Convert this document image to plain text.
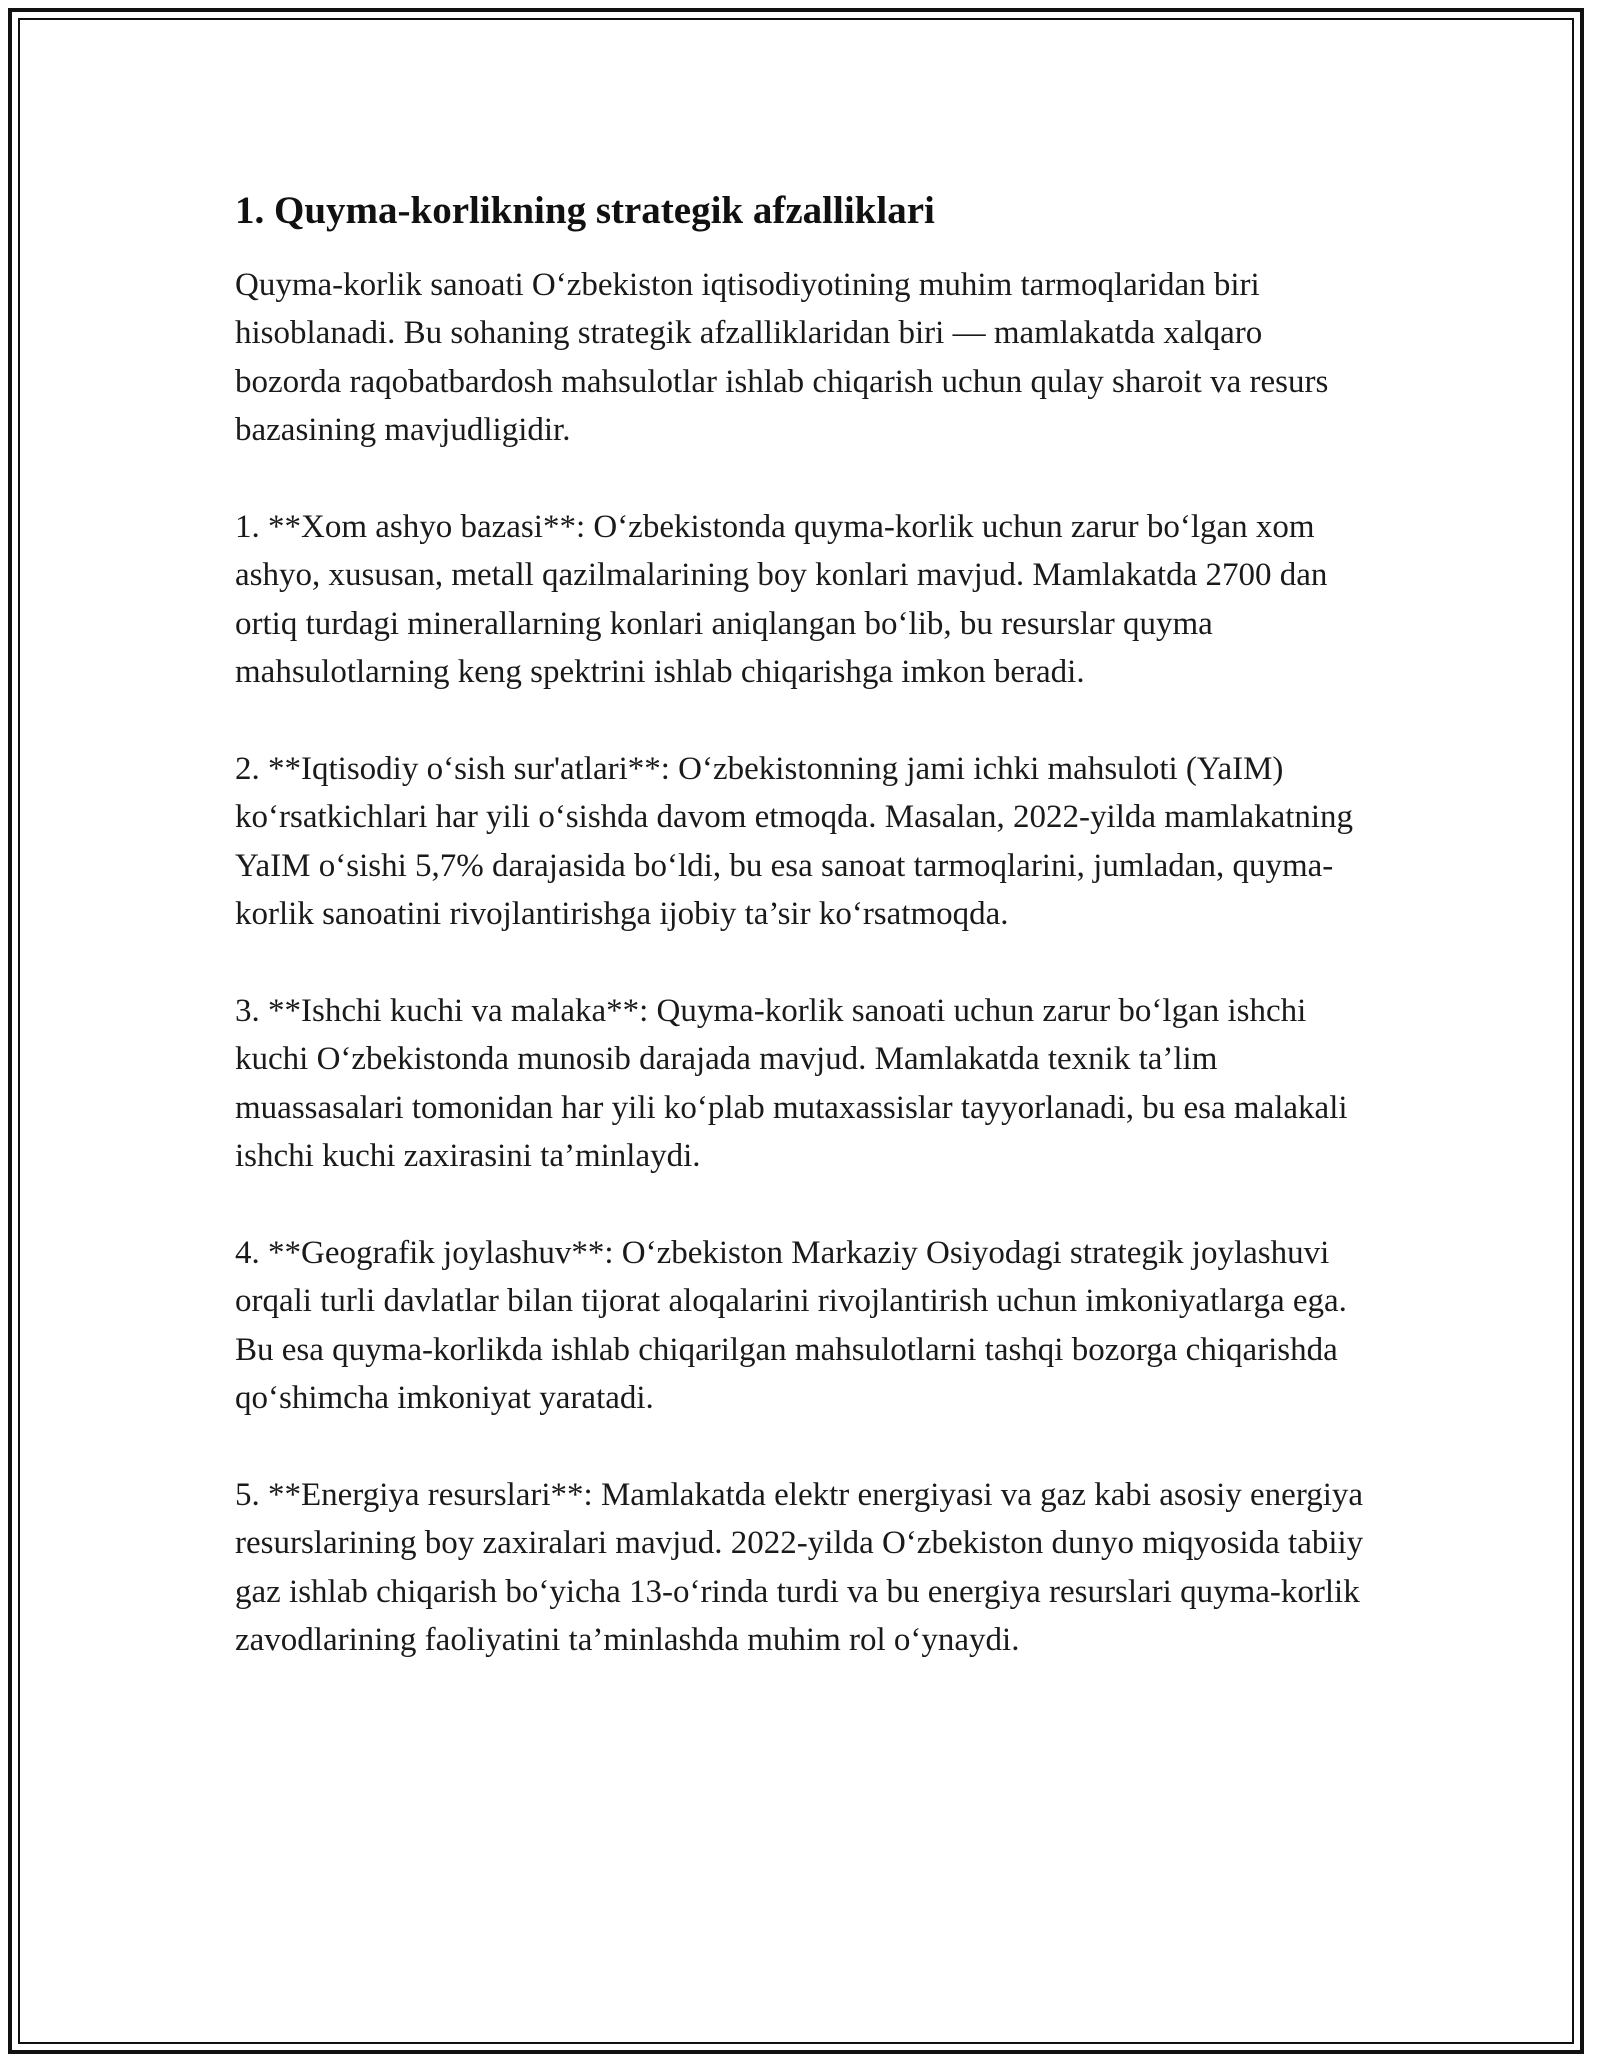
1. Quyma-korlikning strategik afzalliklari

Quyma-korlik sanoati O‘zbekiston iqtisodiyotining muhim tarmoqlaridan biri hisoblanadi. Bu sohaning strategik afzalliklaridan biri — mamlakatda xalqaro bozorda raqobatbardosh mahsulotlar ishlab chiqarish uchun qulay sharoit va resurs bazasining mavjudligidir.

1. **Xom ashyo bazasi**: O‘zbekistonda quyma-korlik uchun zarur bo‘lgan xom ashyo, xususan, metall qazilmalarining boy konlari mavjud. Mamlakatda 2700 dan ortiq turdagi minerallarning konlari aniqlangan bo‘lib, bu resurslar quyma mahsulotlarning keng spektrini ishlab chiqarishga imkon beradi.

2. **Iqtisodiy o‘sish sur'atlari**: O‘zbekistonning jami ichki mahsuloti (YaIM) ko‘rsatkichlari har yili o‘sishda davom etmoqda. Masalan, 2022-yilda mamlakatning YaIM o‘sishi 5,7% darajasida bo‘ldi, bu esa sanoat tarmoqlarini, jumladan, quyma-korlik sanoatini rivojlantirishga ijobiy ta’sir ko‘rsatmoqda.

3. **Ishchi kuchi va malaka**: Quyma-korlik sanoati uchun zarur bo‘lgan ishchi kuchi O‘zbekistonda munosib darajada mavjud. Mamlakatda texnik ta’lim muassasalari tomonidan har yili ko‘plab mutaxassislar tayyorlanadi, bu esa malakali ishchi kuchi zaxirasini ta’minlaydi.

4. **Geografik joylashuv**: O‘zbekiston Markaziy Osiyodagi strategik joylashuvi orqali turli davlatlar bilan tijorat aloqalarini rivojlantirish uchun imkoniyatlarga ega. Bu esa quyma-korlikda ishlab chiqarilgan mahsulotlarni tashqi bozorga chiqarishda qo‘shimcha imkoniyat yaratadi.

5. **Energiya resurslari**: Mamlakatda elektr energiyasi va gaz kabi asosiy energiya resurslarining boy zaxiralari mavjud. 2022-yilda O‘zbekiston dunyo miqyosida tabiiy gaz ishlab chiqarish bo‘yicha 13-o‘rinda turdi va bu energiya resurslari quyma-korlik zavodlarining faoliyatini ta’minlashda muhim rol o‘ynaydi.
